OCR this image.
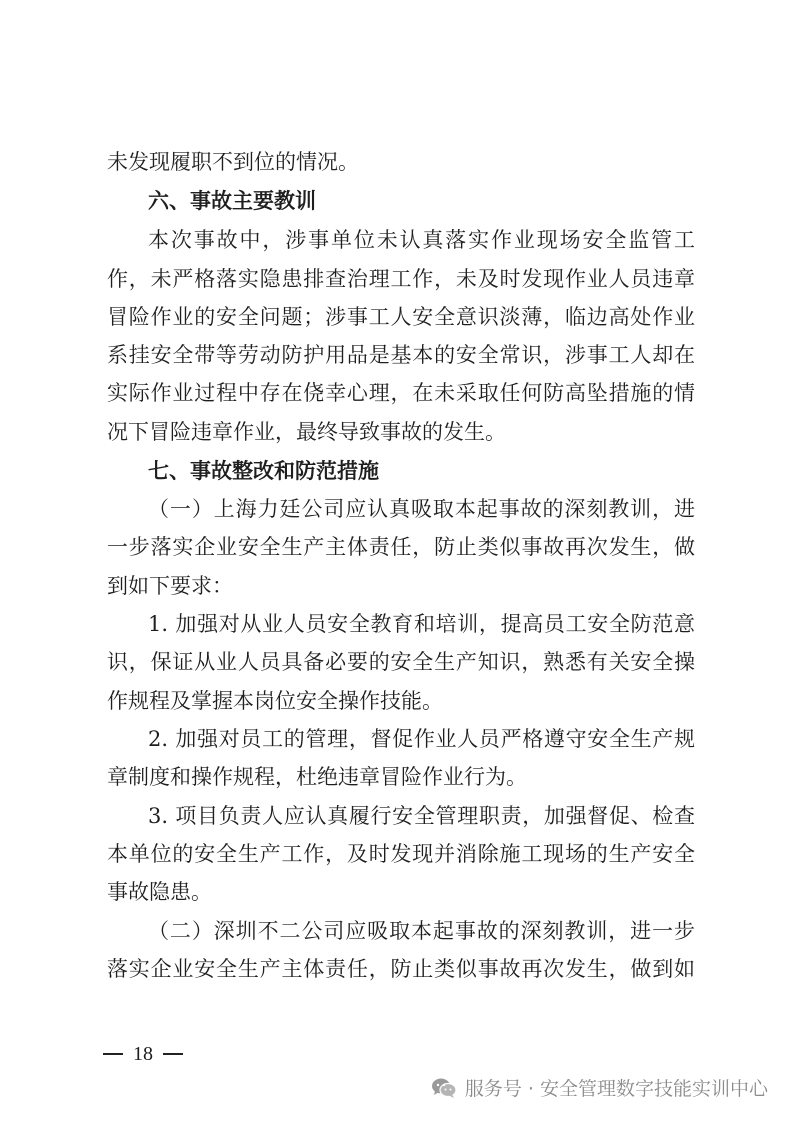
未发现履职不到位的情况。
六、事故主要教训
本次事故中，涉事单位未认真落实作业现场安全监管工
作，未严格落实隐患排查治理工作，未及时发现作业人员违章
冒险作业的安全问题；涉事工人安全意识淡薄，临边高处作业
系挂安全带等劳动防护用品是基本的安全常识，涉事工人却在
实际作业过程中存在侥幸心理，在未采取任何防高坠措施的情
况下冒险违章作业，最终导致事故的发生。
七、事故整改和防范措施
（一）上海力廷公司应认真吸取本起事故的深刻教训，进
一步落实企业安全生产主体责任，防止类似事故再次发生，做
到如下要求：
1. 加强对从业人员安全教育和培训，提高员工安全防范意
识，保证从业人员具备必要的安全生产知识，熟悉有关安全操
作规程及掌握本岗位安全操作技能。
2. 加强对员工的管理，督促作业人员严格遵守安全生产规
章制度和操作规程，杜绝违章冒险作业行为。
3. 项目负责人应认真履行安全管理职责，加强督促、检查
本单位的安全生产工作，及时发现并消除施工现场的生产安全
事故隐患。
（二）深圳不二公司应吸取本起事故的深刻教训，进一步
落实企业安全生产主体责任，防止类似事故再次发生，做到如
18
服务号 · 安全管理数字技能实训中心
